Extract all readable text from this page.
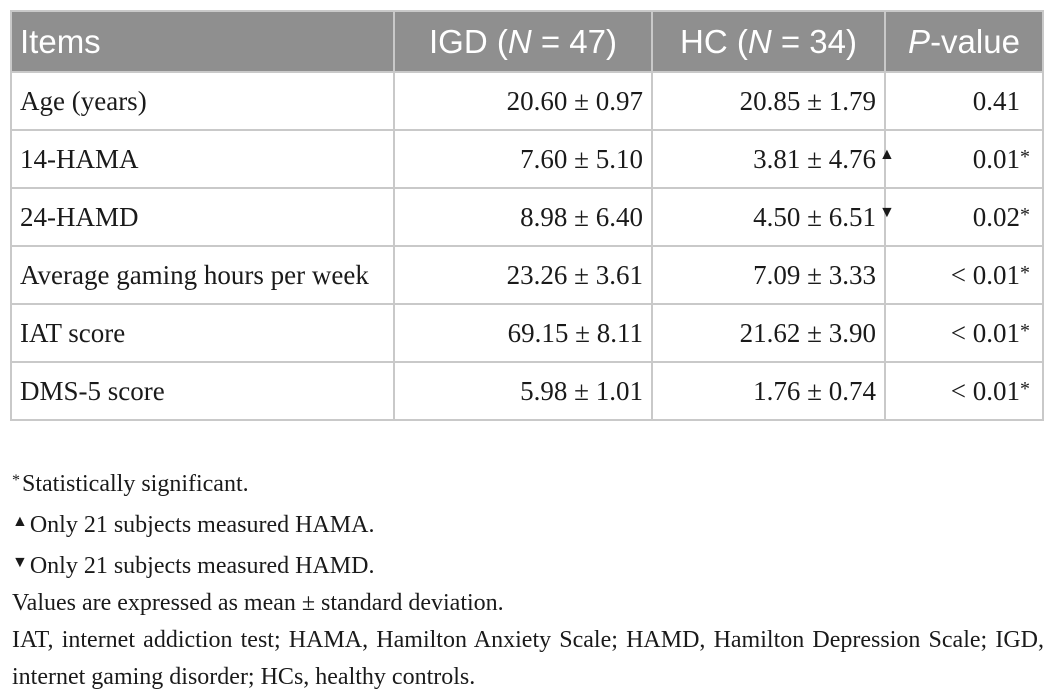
Items	IGD (N = 47)	HC (N = 34)	P-value
Age (years)	20.60 ± 0.97	20.85 ± 1.79	0.41
14-HAMA	7.60 ± 5.10	3.81 ± 4.76 ▲	0.01*
24-HAMD	8.98 ± 6.40	4.50 ± 6.51 ▼	0.02*
Average gaming hours per week	23.26 ± 3.61	7.09 ± 3.33	< 0.01*
IAT score	69.15 ± 8.11	21.62 ± 3.90	< 0.01*
DMS-5 score	5.98 ± 1.01	1.76 ± 0.74	< 0.01*

*Statistically significant.

▲Only 21 subjects measured HAMA.

▼Only 21 subjects measured HAMD.

Values are expressed as mean ± standard deviation.

IAT, internet addiction test; HAMA, Hamilton Anxiety Scale; HAMD, Hamilton Depression Scale; IGD, internet gaming disorder; HCs, healthy controls.
